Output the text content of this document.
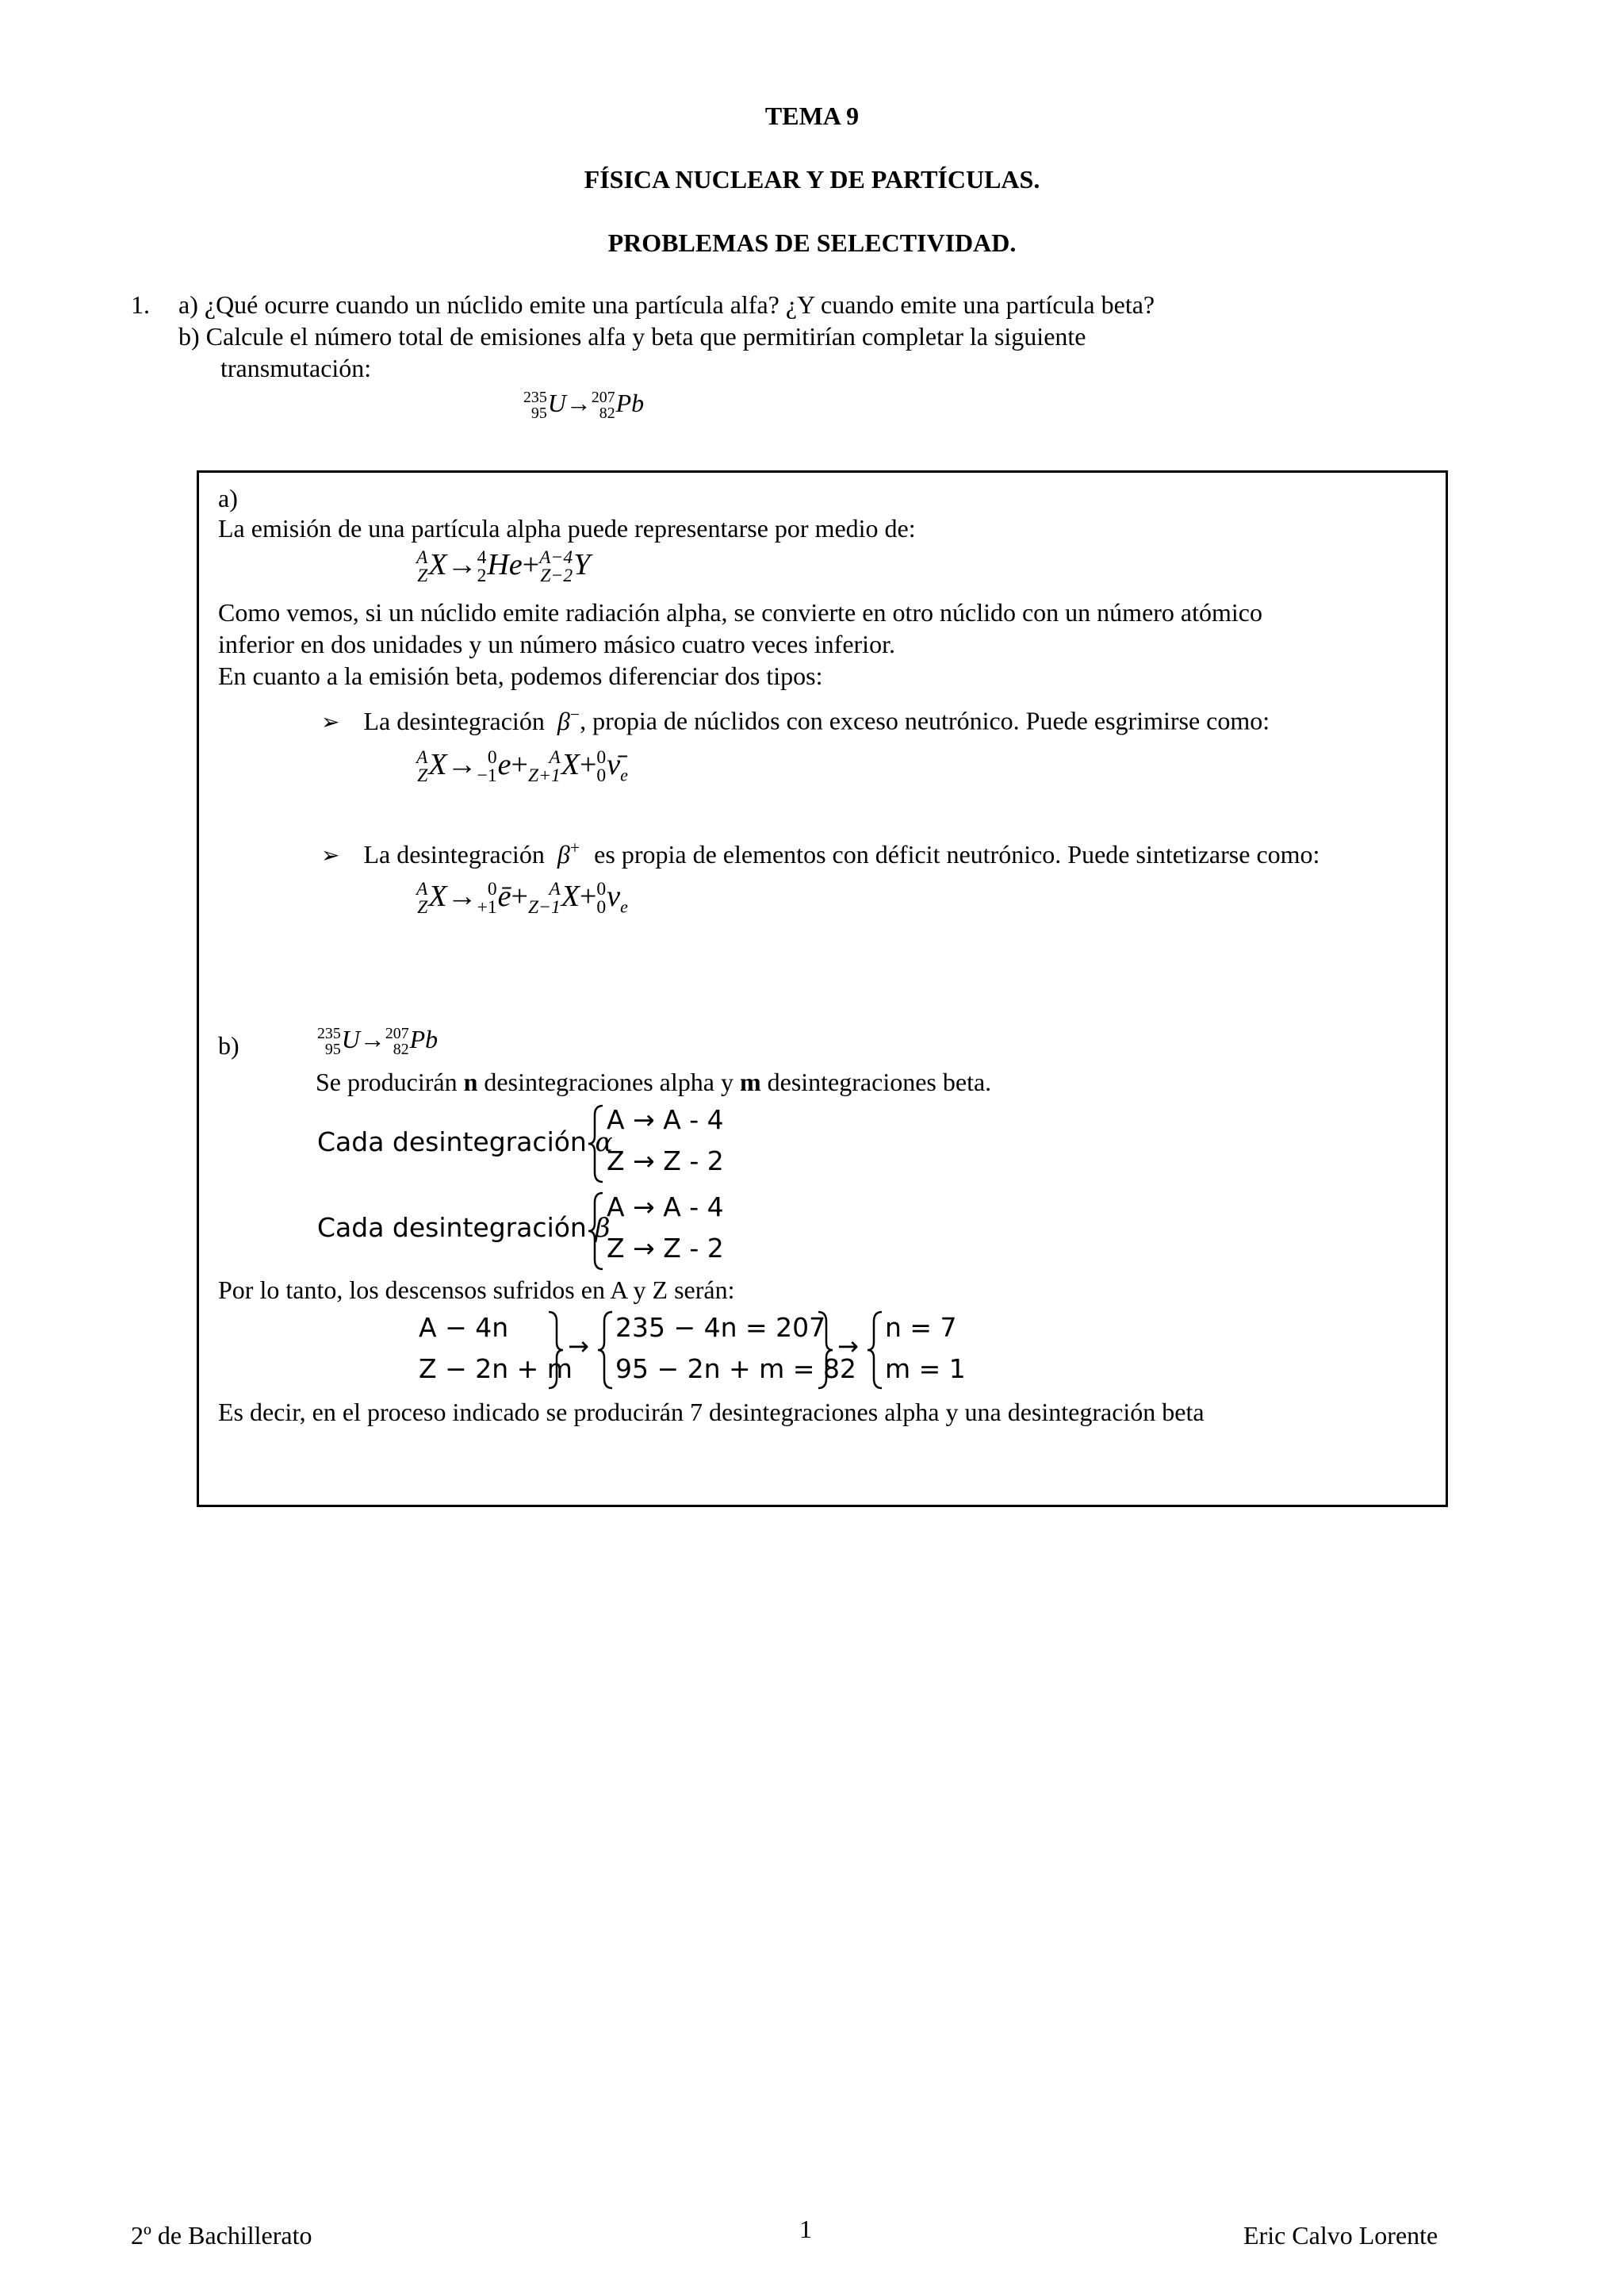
TEMA 9
FÍSICA NUCLEAR Y DE PARTÍCULAS.
PROBLEMAS DE SELECTIVIDAD.
1. a) ¿Qué ocurre cuando un núclido emite una partícula alfa? ¿Y cuando emite una partícula beta?
b) Calcule el número total de emisiones alfa y beta que permitirían completar la siguiente
transmutación:
235
95 U→ 207
82 Pb
a)
La emisión de una partícula alpha puede representarse por medio de:
A
Z X→ 4
2 He+ A−4
Z−2 Y
Como vemos, si un núclido emite radiación alpha, se convierte en otro núclido con un número atómico
inferior en dos unidades y un número másico cuatro veces inferior.
En cuanto a la emisión beta, podemos diferenciar dos tipos:
➢ La desintegración β−, propia de núclidos con exceso neutrónico. Puede esgrimirse como:
A
Z X→ 0
−1 e+	A
Z+1 X+ 0
0 $\nū_e$
➢ La desintegración β+ es propia de elementos con déficit neutrónico. Puede sintetizarse como:
A
Z X→ 0
+1 ē+	A
Z−1 X+ 0
0 $\nu_e$
b)	235
95 U→ 207
82 Pb
Se producirán n desintegraciones alpha y m desintegraciones beta.
Cada desintegración α
A → A - 4
Z → Z - 2
Cada desintegración β
A → A - 4
Z → Z - 2
Por lo tanto, los descensos sufridos en A y Z serán:
A − 4n
Z − 2n + m
→
235 − 4n = 207
95 − 2n + m = 82
→
n = 7
m = 1
Es decir, en el proceso indicado se producirán 7 desintegraciones alpha y una desintegración beta
2º de Bachillerato	1	Eric Calvo Lorente
